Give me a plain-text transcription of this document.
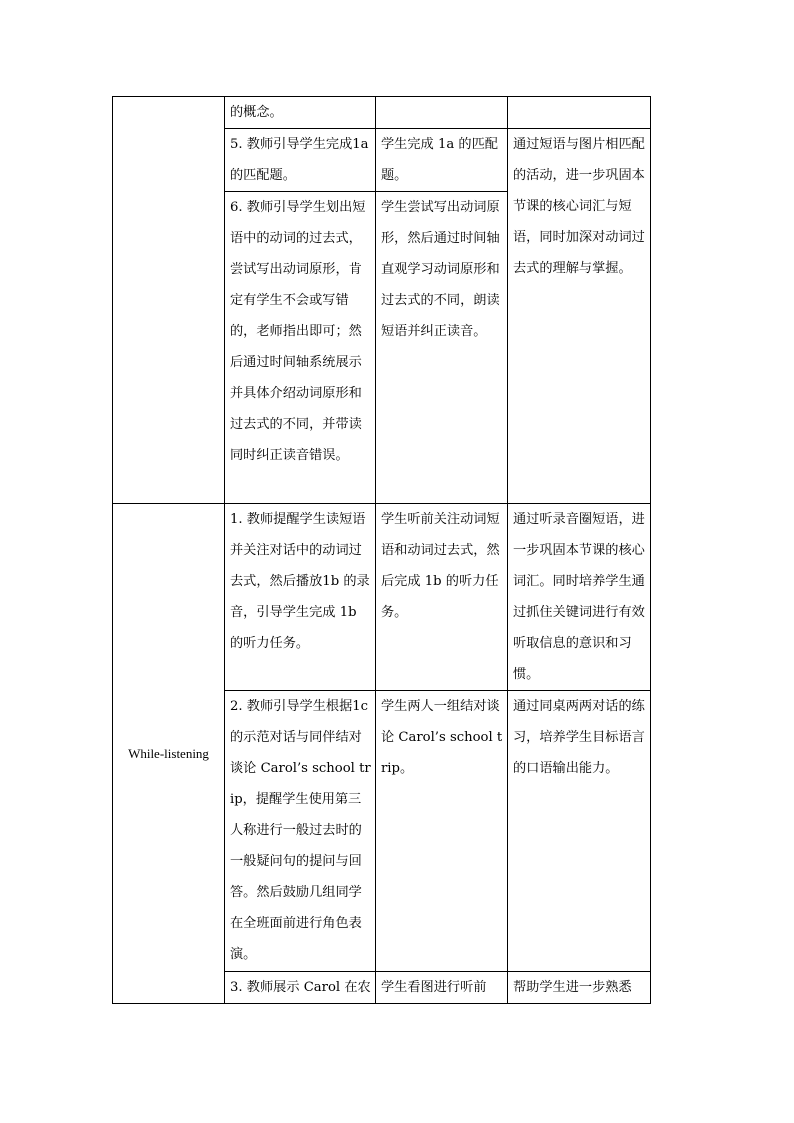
	的概念。		
	5. 教师引导学生完成1a 的匹配题。	学生完成 1a 的匹配题。	通过短语与图片相匹配的活动，进一步巩固本节课的核心词汇与短语，同时加深对动词过去式的理解与掌握。
	6. 教师引导学生划出短语中的动词的过去式，尝试写出动词原形，肯定有学生不会或写错的，老师指出即可；然后通过时间轴系统展示并具体介绍动词原形和过去式的不同，并带读同时纠正读音错误。	学生尝试写出动词原形，然后通过时间轴直观学习动词原形和过去式的不同，朗读短语并纠正读音。	
While-listening	1. 教师提醒学生读短语并关注对话中的动词过去式，然后播放1b 的录音，引导学生完成 1b 的听力任务。	学生听前关注动词短语和动词过去式，然后完成 1b 的听力任务。	通过听录音圈短语，进一步巩固本节课的核心词汇。同时培养学生通过抓住关键词进行有效听取信息的意识和习惯。
	2. 教师引导学生根据1c 的示范对话与同伴结对谈论 Carol’s school trip，提醒学生使用第三人称进行一般过去时的一般疑问句的提问与回答。然后鼓励几组同学在全班面前进行角色表演。	学生两人一组结对谈论 Carol’s school trip。	通过同桌两两对话的练习，培养学生目标语言的口语输出能力。
	3. 教师展示 Carol 在农	学生看图进行听前	帮助学生进一步熟悉
